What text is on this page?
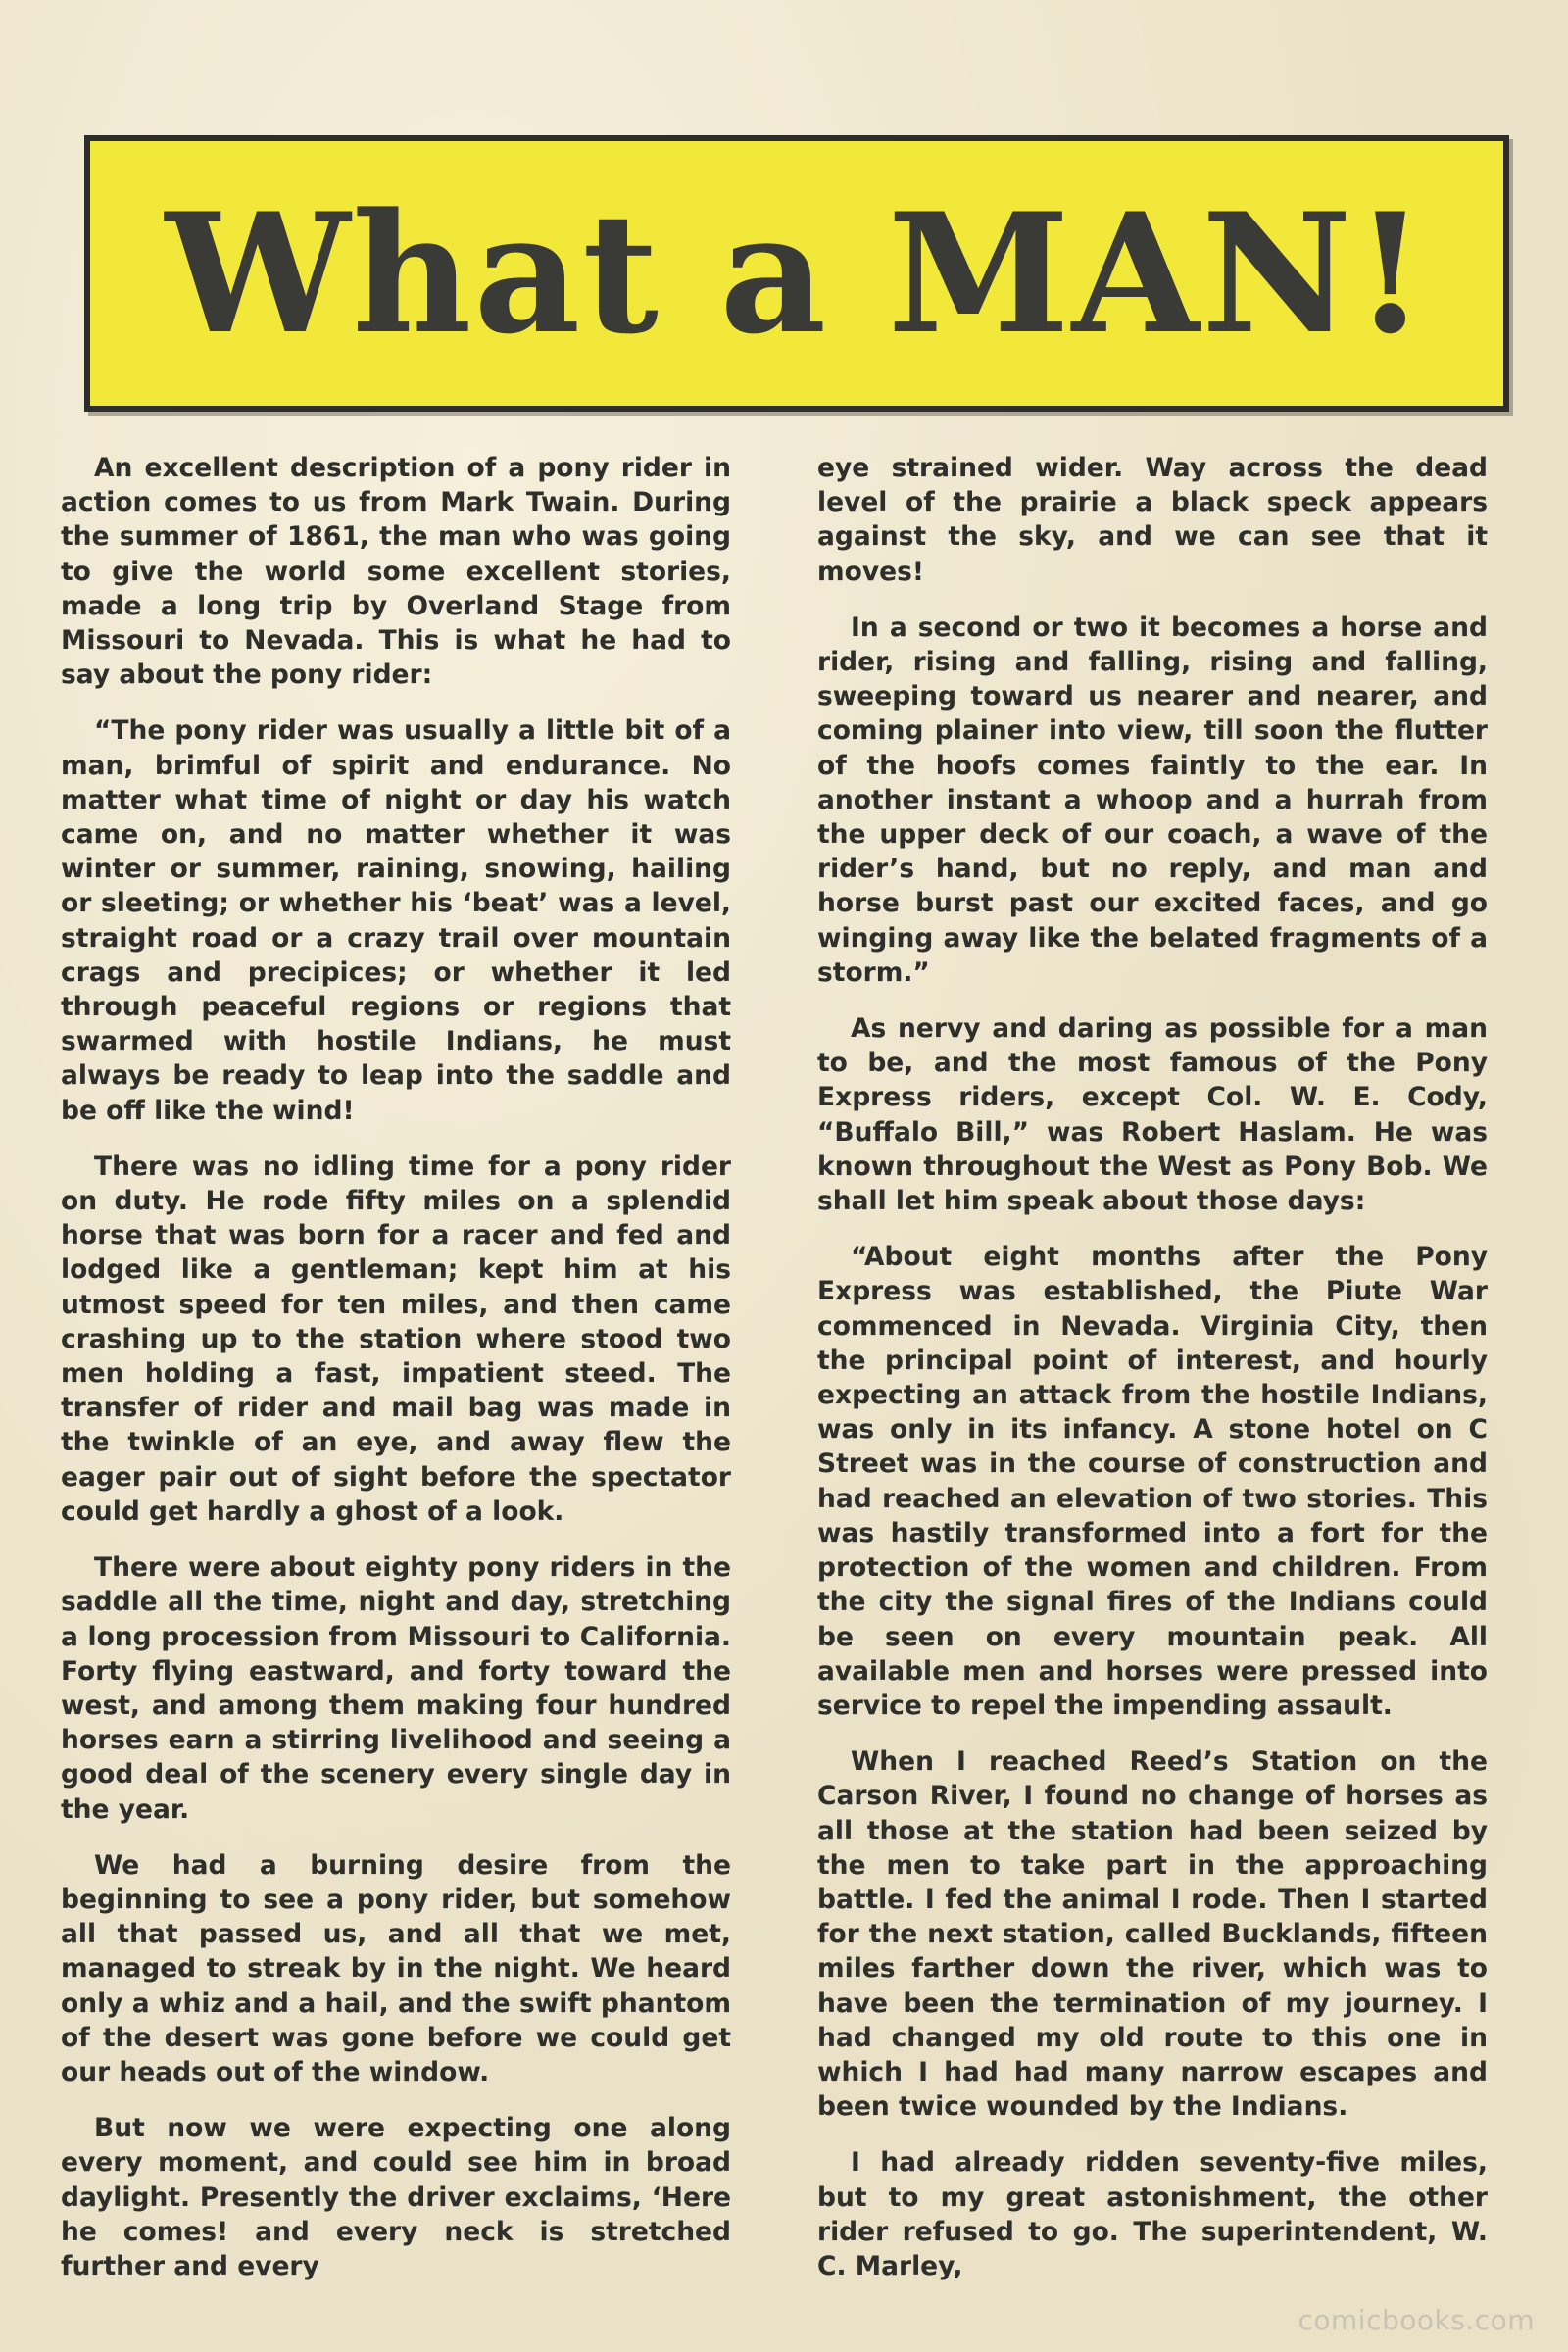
What a MAN!

An excellent description of a pony rider in action comes to us from Mark Twain. During the summer of 1861, the man who was going to give the world some excellent stories, made a long trip by Overland Stage from Missouri to Nevada. This is what he had to say about the pony rider:

“The pony rider was usually a little bit of a man, brimful of spirit and endurance. No matter what time of night or day his watch came on, and no matter whether it was winter or summer, raining, snowing, hailing or sleeting; or whether his ‘beat’ was a level, straight road or a crazy trail over mountain crags and precipices; or whether it led through peaceful regions or regions that swarmed with hostile Indians, he must always be ready to leap into the saddle and be off like the wind!

There was no idling time for a pony rider on duty. He rode fifty miles on a splendid horse that was born for a racer and fed and lodged like a gentleman; kept him at his utmost speed for ten miles, and then came crashing up to the station where stood two men holding a fast, impatient steed. The transfer of rider and mail bag was made in the twinkle of an eye, and away flew the eager pair out of sight before the spectator could get hardly a ghost of a look.

There were about eighty pony riders in the saddle all the time, night and day, stretching a long procession from Missouri to California. Forty flying eastward, and forty toward the west, and among them making four hundred horses earn a stirring livelihood and seeing a good deal of the scenery every single day in the year.

We had a burning desire from the beginning to see a pony rider, but somehow all that passed us, and all that we met, managed to streak by in the night. We heard only a whiz and a hail, and the swift phantom of the desert was gone before we could get our heads out of the window.

But now we were expecting one along every moment, and could see him in broad daylight. Presently the driver exclaims, ‘Here he comes! and every neck is stretched further and every

eye strained wider. Way across the dead level of the prairie a black speck appears against the sky, and we can see that it moves!

In a second or two it becomes a horse and rider, rising and falling, rising and falling, sweeping toward us nearer and nearer, and coming plainer into view, till soon the flutter of the hoofs comes faintly to the ear. In another instant a whoop and a hurrah from the upper deck of our coach, a wave of the rider’s hand, but no reply, and man and horse burst past our excited faces, and go winging away like the belated fragments of a storm.”

As nervy and daring as possible for a man to be, and the most famous of the Pony Express riders, except Col. W. E. Cody, “Buffalo Bill,” was Robert Haslam. He was known throughout the West as Pony Bob. We shall let him speak about those days:

“About eight months after the Pony Express was established, the Piute War commenced in Nevada. Virginia City, then the principal point of interest, and hourly expecting an attack from the hostile Indians, was only in its infancy. A stone hotel on C Street was in the course of construction and had reached an elevation of two stories. This was hastily transformed into a fort for the protection of the women and children. From the city the signal fires of the Indians could be seen on every mountain peak. All available men and horses were pressed into service to repel the impending assault.

When I reached Reed’s Station on the Carson River, I found no change of horses as all those at the station had been seized by the men to take part in the approaching battle. I fed the animal I rode. Then I started for the next station, called Bucklands, fifteen miles farther down the river, which was to have been the termination of my journey. I had changed my old route to this one in which I had had many narrow escapes and been twice wounded by the Indians.

I had already ridden seventy-five miles, but to my great astonishment, the other rider refused to go. The superintendent, W. C. Marley,

comicbooks.com
